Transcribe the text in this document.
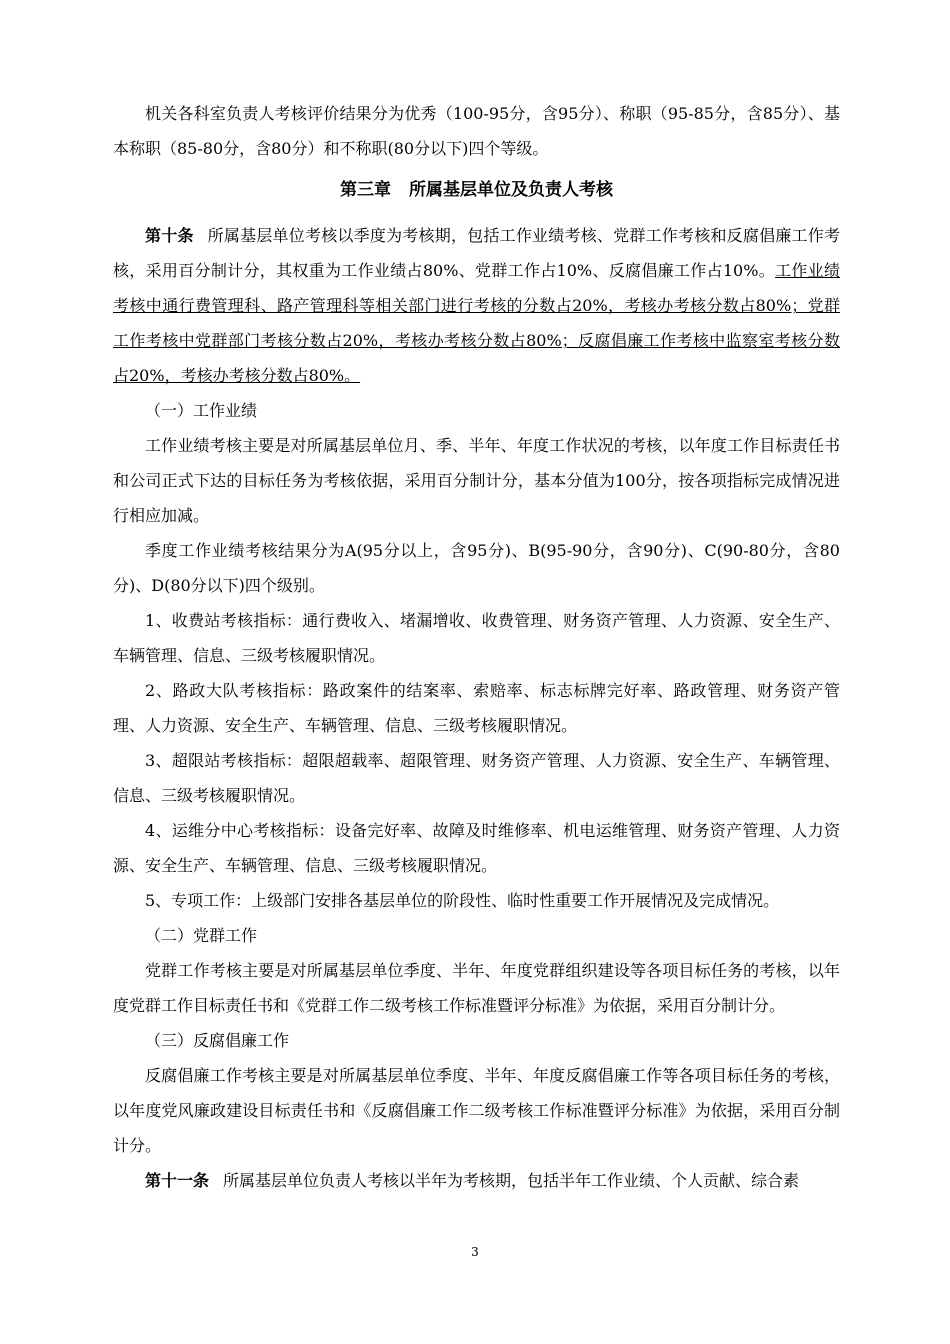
机关各科室负责人考核评价结果分为优秀（100-95分，含95分）、称职（95-85分，含85分）、基本称职（85-80分，含80分）和不称职(80分以下)四个等级。

第三章 所属基层单位及负责人考核

第十条 所属基层单位考核以季度为考核期，包括工作业绩考核、党群工作考核和反腐倡廉工作考核，采用百分制计分，其权重为工作业绩占80%、党群工作占10%、反腐倡廉工作占10%。工作业绩考核中通行费管理科、路产管理科等相关部门进行考核的分数占20%，考核办考核分数占80%；党群工作考核中党群部门考核分数占20%，考核办考核分数占80%；反腐倡廉工作考核中监察室考核分数占20%，考核办考核分数占80%。

（一）工作业绩

工作业绩考核主要是对所属基层单位月、季、半年、年度工作状况的考核，以年度工作目标责任书和公司正式下达的目标任务为考核依据，采用百分制计分，基本分值为100分，按各项指标完成情况进行相应加减。

季度工作业绩考核结果分为A(95分以上，含95分)、B(95-90分，含90分)、C(90-80分，含80分)、D(80分以下)四个级别。

1、收费站考核指标：通行费收入、堵漏增收、收费管理、财务资产管理、人力资源、安全生产、车辆管理、信息、三级考核履职情况。

2、路政大队考核指标：路政案件的结案率、索赔率、标志标牌完好率、路政管理、财务资产管理、人力资源、安全生产、车辆管理、信息、三级考核履职情况。

3、超限站考核指标：超限超载率、超限管理、财务资产管理、人力资源、安全生产、车辆管理、信息、三级考核履职情况。

4、运维分中心考核指标：设备完好率、故障及时维修率、机电运维管理、财务资产管理、人力资源、安全生产、车辆管理、信息、三级考核履职情况。

5、专项工作：上级部门安排各基层单位的阶段性、临时性重要工作开展情况及完成情况。

（二）党群工作

党群工作考核主要是对所属基层单位季度、半年、年度党群组织建设等各项目标任务的考核，以年度党群工作目标责任书和《党群工作二级考核工作标准暨评分标准》为依据，采用百分制计分。

（三）反腐倡廉工作

反腐倡廉工作考核主要是对所属基层单位季度、半年、年度反腐倡廉工作等各项目标任务的考核，以年度党风廉政建设目标责任书和《反腐倡廉工作二级考核工作标准暨评分标准》为依据，采用百分制计分。

第十一条 所属基层单位负责人考核以半年为考核期，包括半年工作业绩、个人贡献、综合素

3
